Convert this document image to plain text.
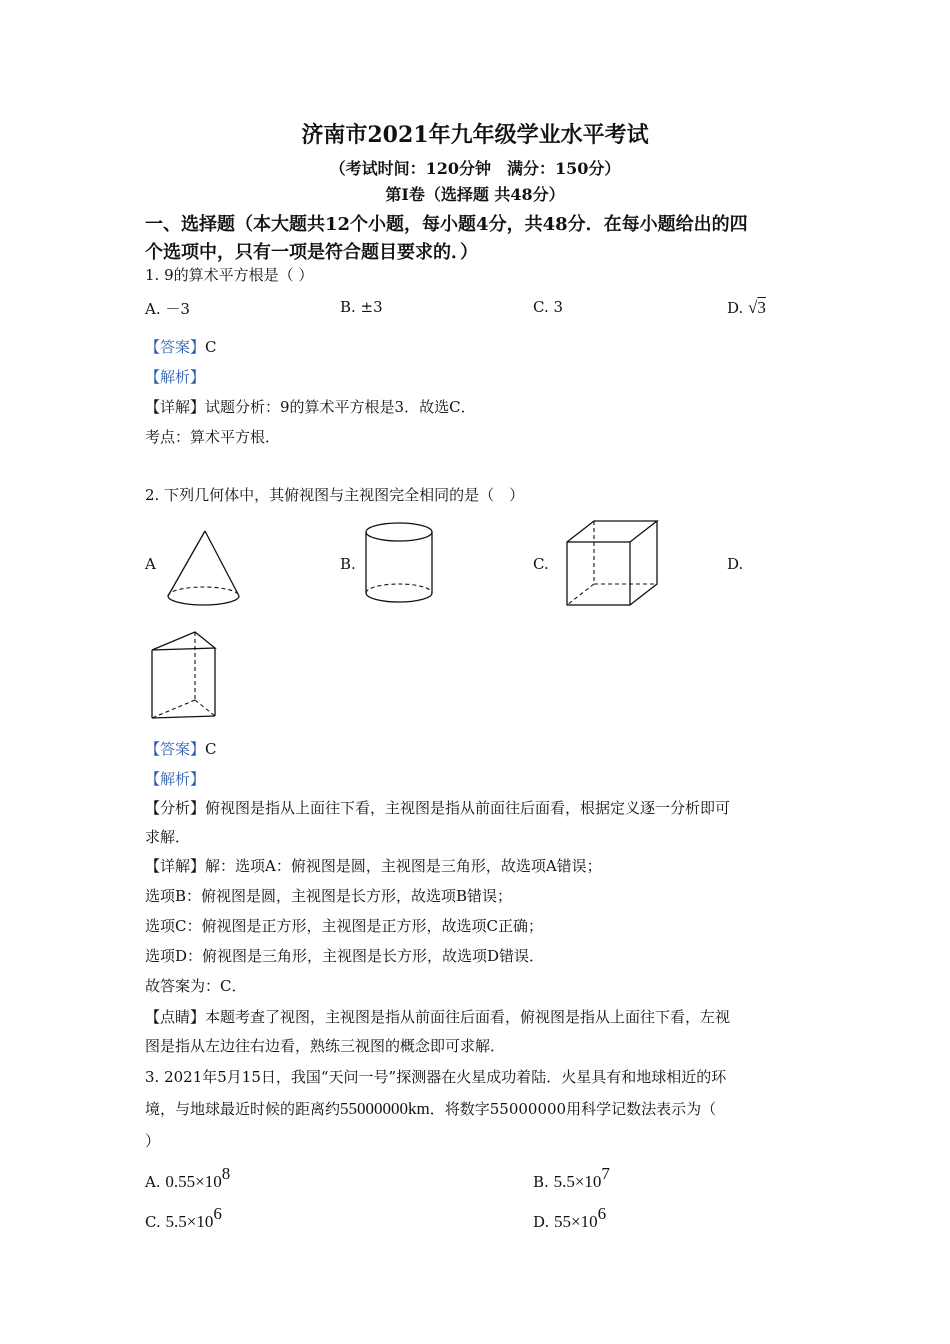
济南市2021年九年级学业水平考试
（考试时间：120分钟　满分：150分）
第Ⅰ卷（选择题 共48分）
一、选择题（本大题共12个小题，每小题4分，共48分．在每小题给出的四
个选项中，只有一项是符合题目要求的．）
1. 9的算术平方根是（ ）
A. －3	B. ±3	C. 3	D. √3
【答案】C
【解析】
【详解】试题分析：9的算术平方根是3．故选C．
考点：算术平方根．
2. 下列几何体中，其俯视图与主视图完全相同的是（　）
A	B.	C.	D.
【答案】C
【解析】
【分析】俯视图是指从上面往下看，主视图是指从前面往后面看，根据定义逐一分析即可
求解．
【详解】解：选项A：俯视图是圆，主视图是三角形，故选项A错误；
选项B：俯视图是圆，主视图是长方形，故选项B错误；
选项C：俯视图是正方形，主视图是正方形，故选项C正确；
选项D：俯视图是三角形，主视图是长方形，故选项D错误．
故答案为：C．
【点睛】本题考查了视图，主视图是指从前面往后面看，俯视图是指从上面往下看，左视
图是指从左边往右边看，熟练三视图的概念即可求解．
3. 2021年5月15日，我国“天问一号”探测器在火星成功着陆．火星具有和地球相近的环
境，与地球最近时候的距离约55000000km．将数字55000000用科学记数法表示为（
）
A. $0.55\times 10^8$	B. $5.5\times 10^7$
C. $5.5\times 10^6$	D. $55\times 10^6$
